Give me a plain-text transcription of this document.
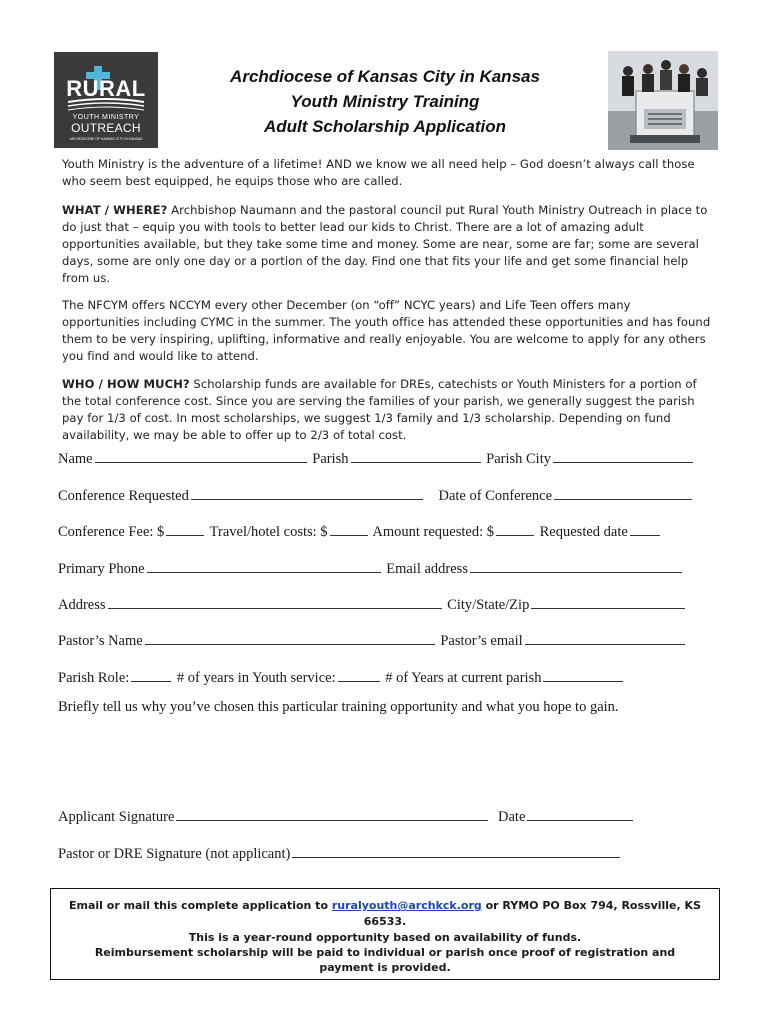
RURAL
YOUTH MINISTRY
OUTREACH
ARCHDIOCESE OF KANSAS CITY IN KANSAS
Archdiocese of Kansas City in Kansas
Youth Ministry Training
Adult Scholarship Application
Youth Ministry is the adventure of a lifetime! AND we know we all need help – God doesn’t always call those who seem best equipped, he equips those who are called.
WHAT / WHERE? Archbishop Naumann and the pastoral council put Rural Youth Ministry Outreach in place to do just that – equip you with tools to better lead our kids to Christ. There are a lot of amazing adult opportunities available, but they take some time and money. Some are near, some are far; some are several days, some are only one day or a portion of the day. Find one that fits your life and get some financial help from us.
The NFCYM offers NCCYM every other December (on “off” NCYC years) and Life Teen offers many opportunities including CYMC in the summer. The youth office has attended these opportunities and has found them to be very inspiring, uplifting, informative and really enjoyable. You are welcome to apply for any others you find and would like to attend.
WHO / HOW MUCH? Scholarship funds are available for DREs, catechists or Youth Ministers for a portion of the total conference cost. Since you are serving the families of your parish, we generally suggest the parish pay for 1/3 of cost. In most scholarships, we suggest 1/3 family and 1/3 scholarship. Depending on fund availability, we may be able to offer up to 2/3 of total cost.
Name	Parish	Parish City
Conference Requested	Date of Conference
Conference Fee: $	Travel/hotel costs: $	Amount requested: $	Requested date
Primary Phone	Email address
Address	City/State/Zip
Pastor’s Name	Pastor’s email
Parish Role:	# of years in Youth service:	# of Years at current parish
Briefly tell us why you’ve chosen this particular training opportunity and what you hope to gain.
Applicant Signature	Date
Pastor or DRE Signature (not applicant)
Email or mail this complete application to ruralyouth@archkck.org or RYMO PO Box 794, Rossville, KS 66533.
This is a year-round opportunity based on availability of funds.
Reimbursement scholarship will be paid to individual or parish once proof of registration and payment is provided.
